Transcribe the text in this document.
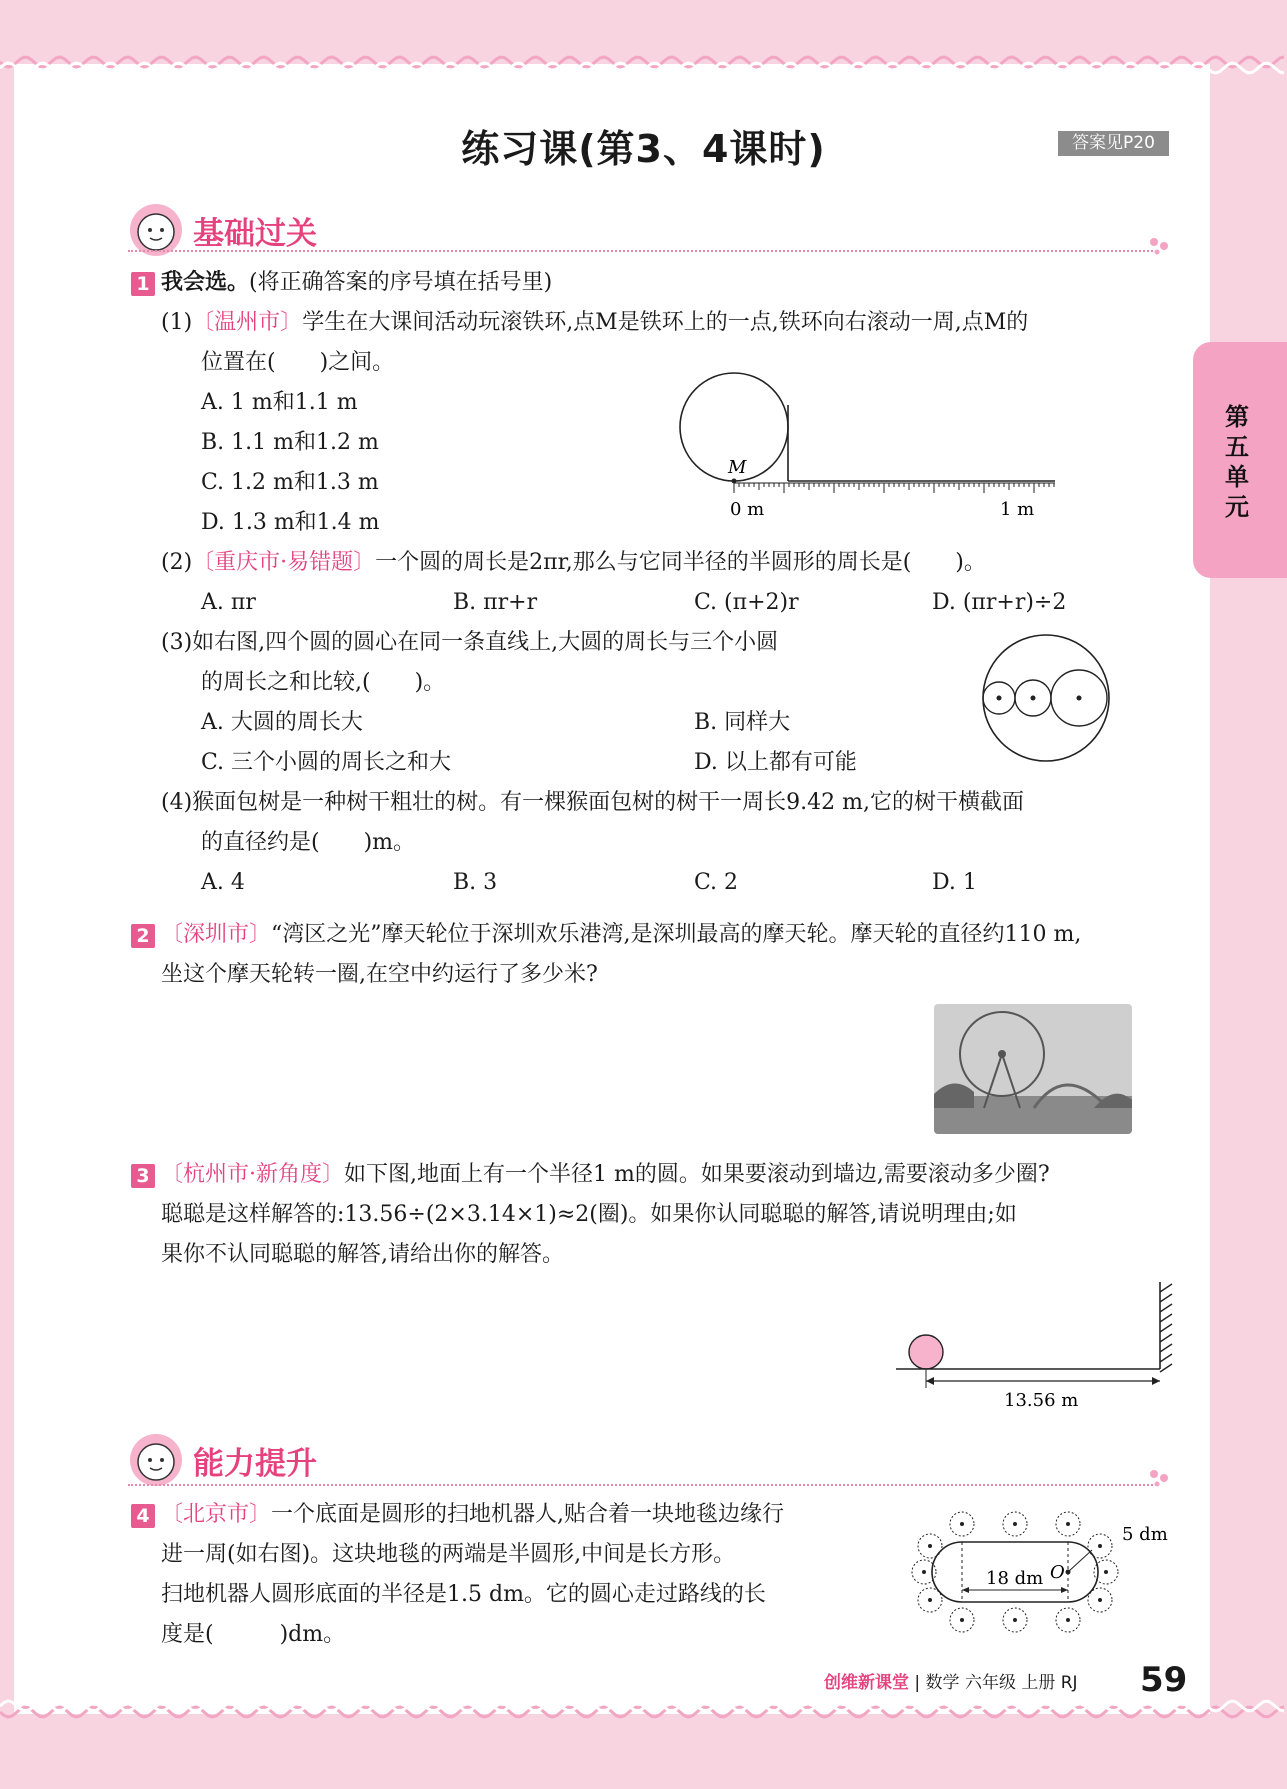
练习课(第3、4课时)	答案见P20
第五单元
基础过关
1 我会选。(将正确答案的序号填在括号里)
(1)〔温州市〕学生在大课间活动玩滚铁环,点M是铁环上的一点,铁环向右滚动一周,点M的
位置在(　　)之间。
A. 1 m和1.1 m
B. 1.1 m和1.2 m
C. 1.2 m和1.3 m
D. 1.3 m和1.4 m
M
0 m	1 m
(2)〔重庆市·易错题〕一个圆的周长是2πr,那么与它同半径的半圆形的周长是(　　)。
A. πr	B. πr+r	C. (π+2)r	D. (πr+r)÷2
(3)如右图,四个圆的圆心在同一条直线上,大圆的周长与三个小圆
的周长之和比较,(　　)。
A. 大圆的周长大	B. 同样大
C. 三个小圆的周长之和大	D. 以上都有可能
(4)猴面包树是一种树干粗壮的树。有一棵猴面包树的树干一周长9.42 m,它的树干横截面
的直径约是(　　)m。
A. 4	B. 3	C. 2	D. 1
2 〔深圳市〕“湾区之光”摩天轮位于深圳欢乐港湾,是深圳最高的摩天轮。摩天轮的直径约110 m,
坐这个摩天轮转一圈,在空中约运行了多少米?
3 〔杭州市·新角度〕如下图,地面上有一个半径1 m的圆。如果要滚动到墙边,需要滚动多少圈?
聪聪是这样解答的:13.56÷(2×3.14×1)≈2(圈)。如果你认同聪聪的解答,请说明理由;如
果你不认同聪聪的解答,请给出你的解答。
13.56 m
能力提升
4 〔北京市〕一个底面是圆形的扫地机器人,贴合着一块地毯边缘行
进一周(如右图)。这块地毯的两端是半圆形,中间是长方形。
扫地机器人圆形底面的半径是1.5 dm。它的圆心走过路线的长
度是(　　　)dm。
18 dm O
5 dm
创维新课堂 | 数学 六年级 上册 RJ 59
